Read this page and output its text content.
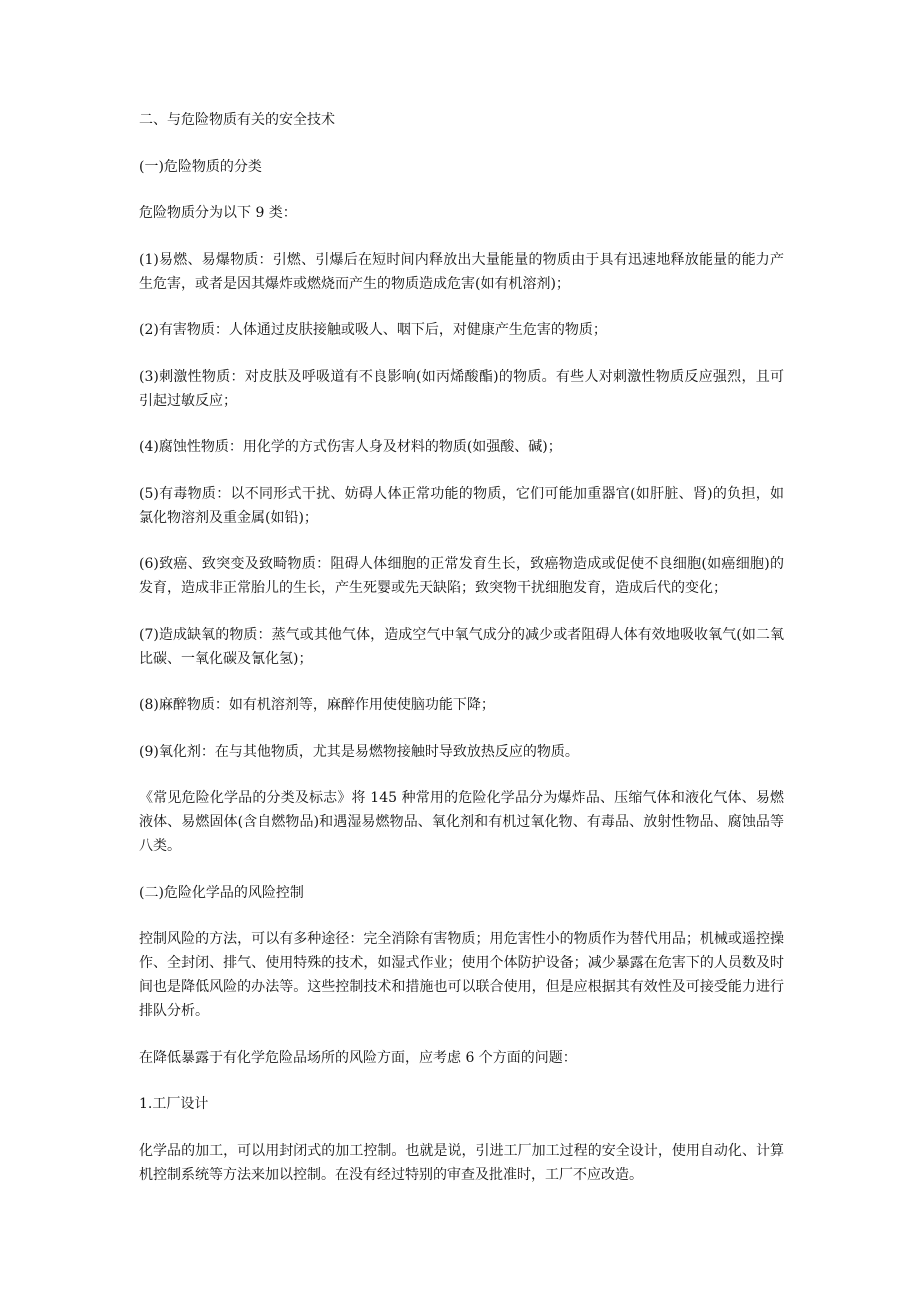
二、与危险物质有关的安全技术

(一)危险物质的分类

危险物质分为以下 9 类：

(1)易燃、易爆物质：引燃、引爆后在短时间内释放出大量能量的物质由于具有迅速地释放能量的能力产生危害，或者是因其爆炸或燃烧而产生的物质造成危害(如有机溶剂)；

(2)有害物质：人体通过皮肤接触或吸人、咽下后，对健康产生危害的物质；

(3)刺激性物质：对皮肤及呼吸道有不良影响(如丙烯酸酯)的物质。有些人对刺激性物质反应强烈，且可引起过敏反应；

(4)腐蚀性物质：用化学的方式伤害人身及材料的物质(如强酸、碱)；

(5)有毒物质：以不同形式干扰、妨碍人体正常功能的物质，它们可能加重器官(如肝脏、肾)的负担，如氯化物溶剂及重金属(如铅)；

(6)致癌、致突变及致畸物质：阻碍人体细胞的正常发育生长，致癌物造成或促使不良细胞(如癌细胞)的发育，造成非正常胎儿的生长，产生死婴或先天缺陷；致突物干扰细胞发育，造成后代的变化；

(7)造成缺氧的物质：蒸气或其他气体，造成空气中氧气成分的减少或者阻碍人体有效地吸收氧气(如二氧比碳、一氧化碳及氰化氢)；

(8)麻醉物质：如有机溶剂等，麻醉作用使使脑功能下降；

(9)氧化剂：在与其他物质，尤其是易燃物接触时导致放热反应的物质。

《常见危险化学品的分类及标志》将 145 种常用的危险化学品分为爆炸品、压缩气体和液化气体、易燃液体、易燃固体(含自燃物品)和遇湿易燃物品、氧化剂和有机过氧化物、有毒品、放射性物品、腐蚀品等八类。

(二)危险化学品的风险控制

控制风险的方法，可以有多种途径：完全消除有害物质；用危害性小的物质作为替代用品；机械或遥控操作、全封闭、排气、使用特殊的技术，如湿式作业；使用个体防护设备；减少暴露在危害下的人员数及时间也是降低风险的办法等。这些控制技术和措施也可以联合使用，但是应根据其有效性及可接受能力进行排队分析。

在降低暴露于有化学危险品场所的风险方面，应考虑 6 个方面的问题：

1.工厂设计

化学品的加工，可以用封闭式的加工控制。也就是说，引进工厂加工过程的安全设计，使用自动化、计算机控制系统等方法来加以控制。在没有经过特别的审查及批准时，工厂不应改造。
